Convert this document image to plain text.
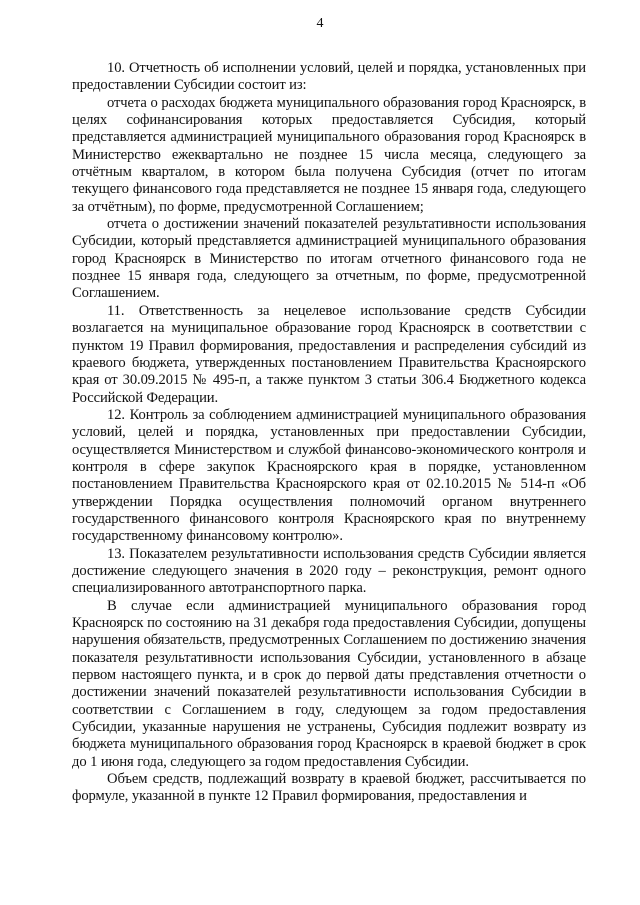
4

10. Отчетность об исполнении условий, целей и порядка, установленных при предоставлении Субсидии состоит из:

отчета о расходах бюджета муниципального образования город Красноярск, в целях софинансирования которых предоставляется Субсидия, который представляется администрацией муниципального образования город Красноярск в Министерство ежеквартально не позднее 15 числа месяца, следующего за отчётным кварталом, в котором была получена Субсидия (отчет по итогам текущего финансового года представляется не позднее 15 января года, следующего за отчётным), по форме, предусмотренной Соглашением;

отчета о достижении значений показателей результативности использования Субсидии, который представляется администрацией муниципального образования город Красноярск в Министерство по итогам отчетного финансового года не позднее 15 января года, следующего за отчетным, по форме, предусмотренной Соглашением.

11. Ответственность за нецелевое использование средств Субсидии возлагается на муниципальное образование город Красноярск в соответствии с пунктом 19 Правил формирования, предоставления и распределения субсидий из краевого бюджета, утвержденных постановлением Правительства Красноярского края от 30.09.2015 № 495-п, а также пунктом 3 статьи 306.4 Бюджетного кодекса Российской Федерации.

12. Контроль за соблюдением администрацией муниципального образования условий, целей и порядка, установленных при предоставлении Субсидии, осуществляется Министерством и службой финансово-экономического контроля и контроля в сфере закупок Красноярского края в порядке, установленном постановлением Правительства Красноярского края от 02.10.2015 № 514-п «Об утверждении Порядка осуществления полномочий органом внутреннего государственного финансового контроля Красноярского края по внутреннему государственному финансовому контролю».

13. Показателем результативности использования средств Субсидии является достижение следующего значения в 2020 году – реконструкция, ремонт одного специализированного автотранспортного парка.

В случае если администрацией муниципального образования город Красноярск по состоянию на 31 декабря года предоставления Субсидии, допущены нарушения обязательств, предусмотренных Соглашением по достижению значения показателя результативности использования Субсидии, установленного в абзаце первом настоящего пункта, и в срок до первой даты представления отчетности о достижении значений показателей результативности использования Субсидии в соответствии с Соглашением в году, следующем за годом предоставления Субсидии, указанные нарушения не устранены, Субсидия подлежит возврату из бюджета муниципального образования город Красноярск в краевой бюджет в срок до 1 июня года, следующего за годом предоставления Субсидии.

Объем средств, подлежащий возврату в краевой бюджет, рассчитывается по формуле, указанной в пункте 12 Правил формирования, предоставления и
